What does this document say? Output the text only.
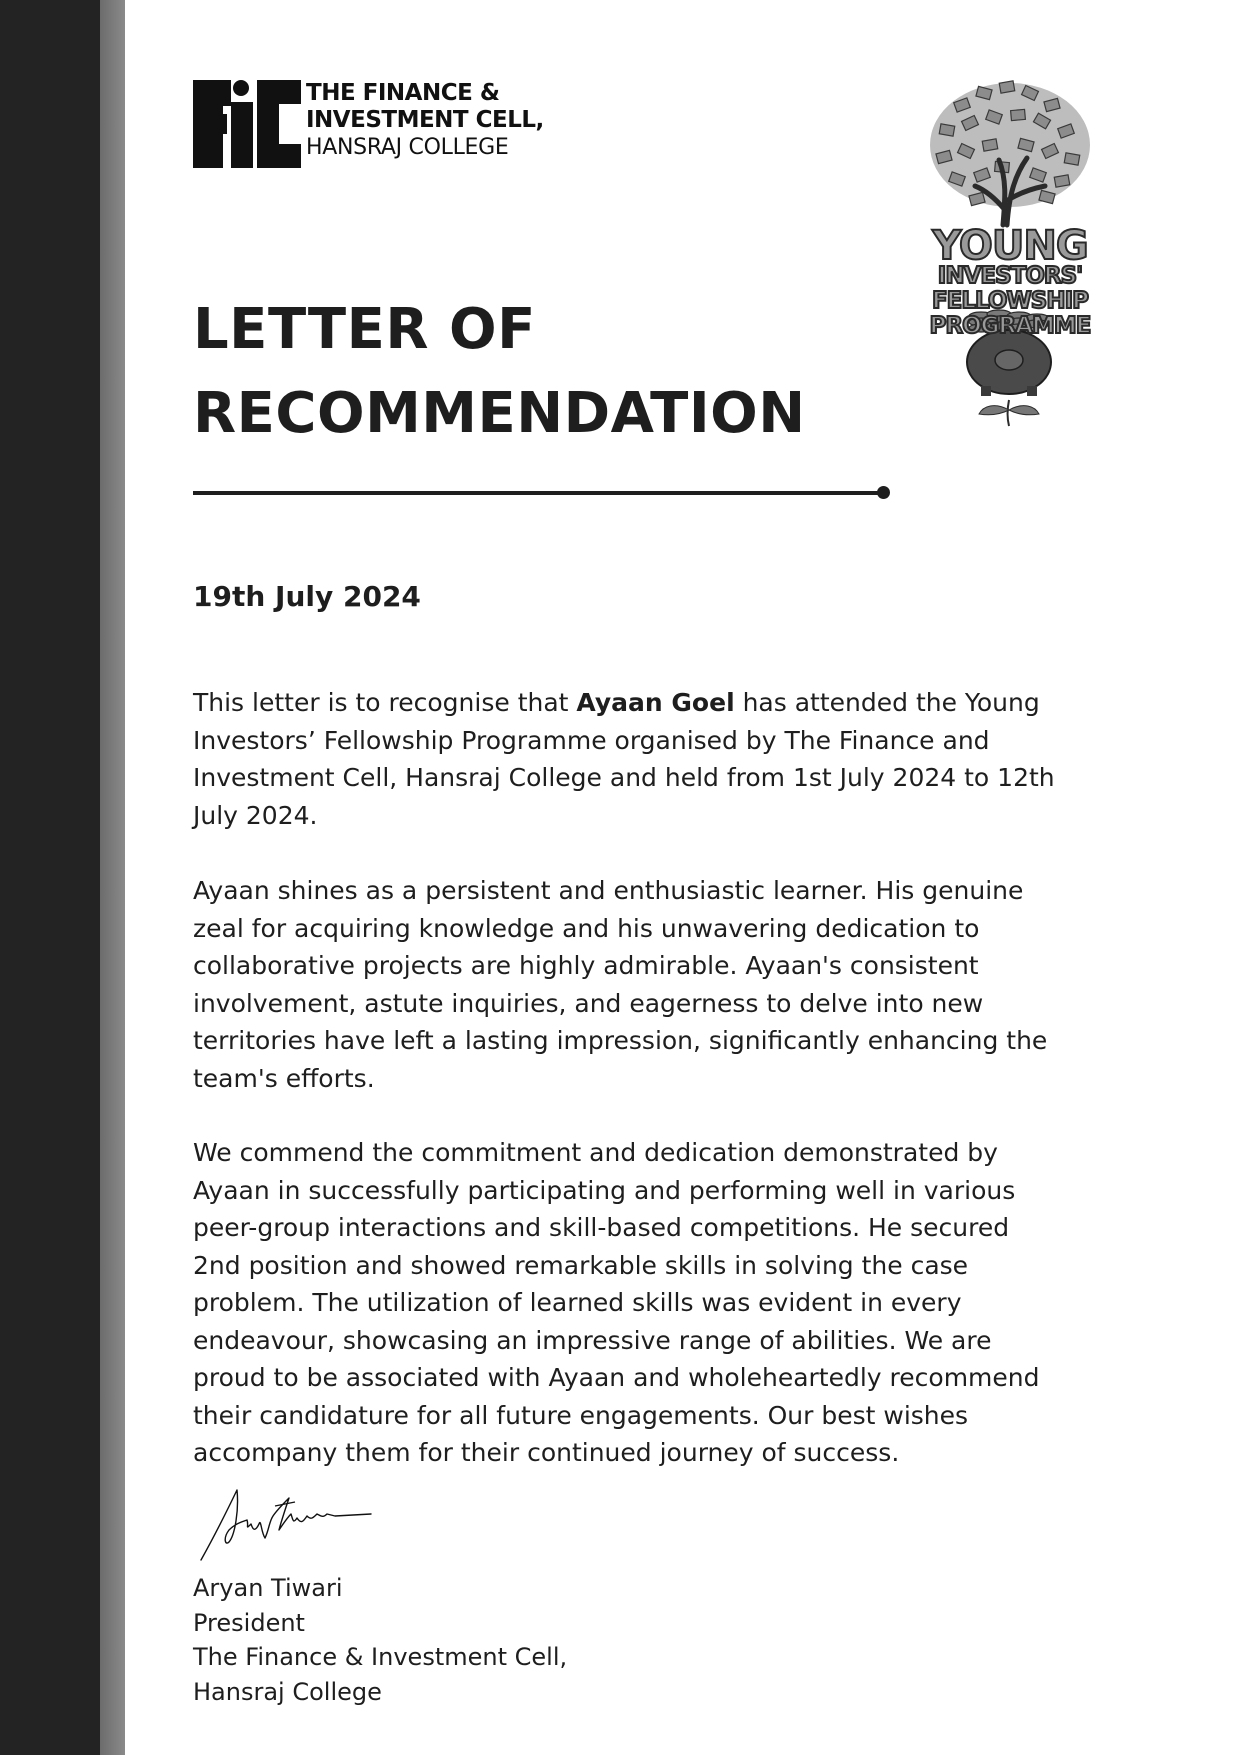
THE FINANCE &
INVESTMENT CELL,
HANSRAJ COLLEGE
YOUNG
INVESTORS'
FELLOWSHIP
PROGRAMME
LETTER OF
RECOMMENDATION
19th July 2024

This letter is to recognise that Ayaan Goel has attended the Young
Investors’ Fellowship Programme organised by The Finance and
Investment Cell, Hansraj College and held from 1st July 2024 to 12th
July 2024.

Ayaan shines as a persistent and enthusiastic learner. His genuine
zeal for acquiring knowledge and his unwavering dedication to
collaborative projects are highly admirable. Ayaan's consistent
involvement, astute inquiries, and eagerness to delve into new
territories have left a lasting impression, significantly enhancing the
team's efforts.

We commend the commitment and dedication demonstrated by
Ayaan in successfully participating and performing well in various
peer-group interactions and skill-based competitions. He secured
2nd position and showed remarkable skills in solving the case
problem. The utilization of learned skills was evident in every
endeavour, showcasing an impressive range of abilities. We are
proud to be associated with Ayaan and wholeheartedly recommend
their candidature for all future engagements. Our best wishes
accompany them for their continued journey of success.

Aryan Tiwari
President
The Finance & Investment Cell,
Hansraj College
